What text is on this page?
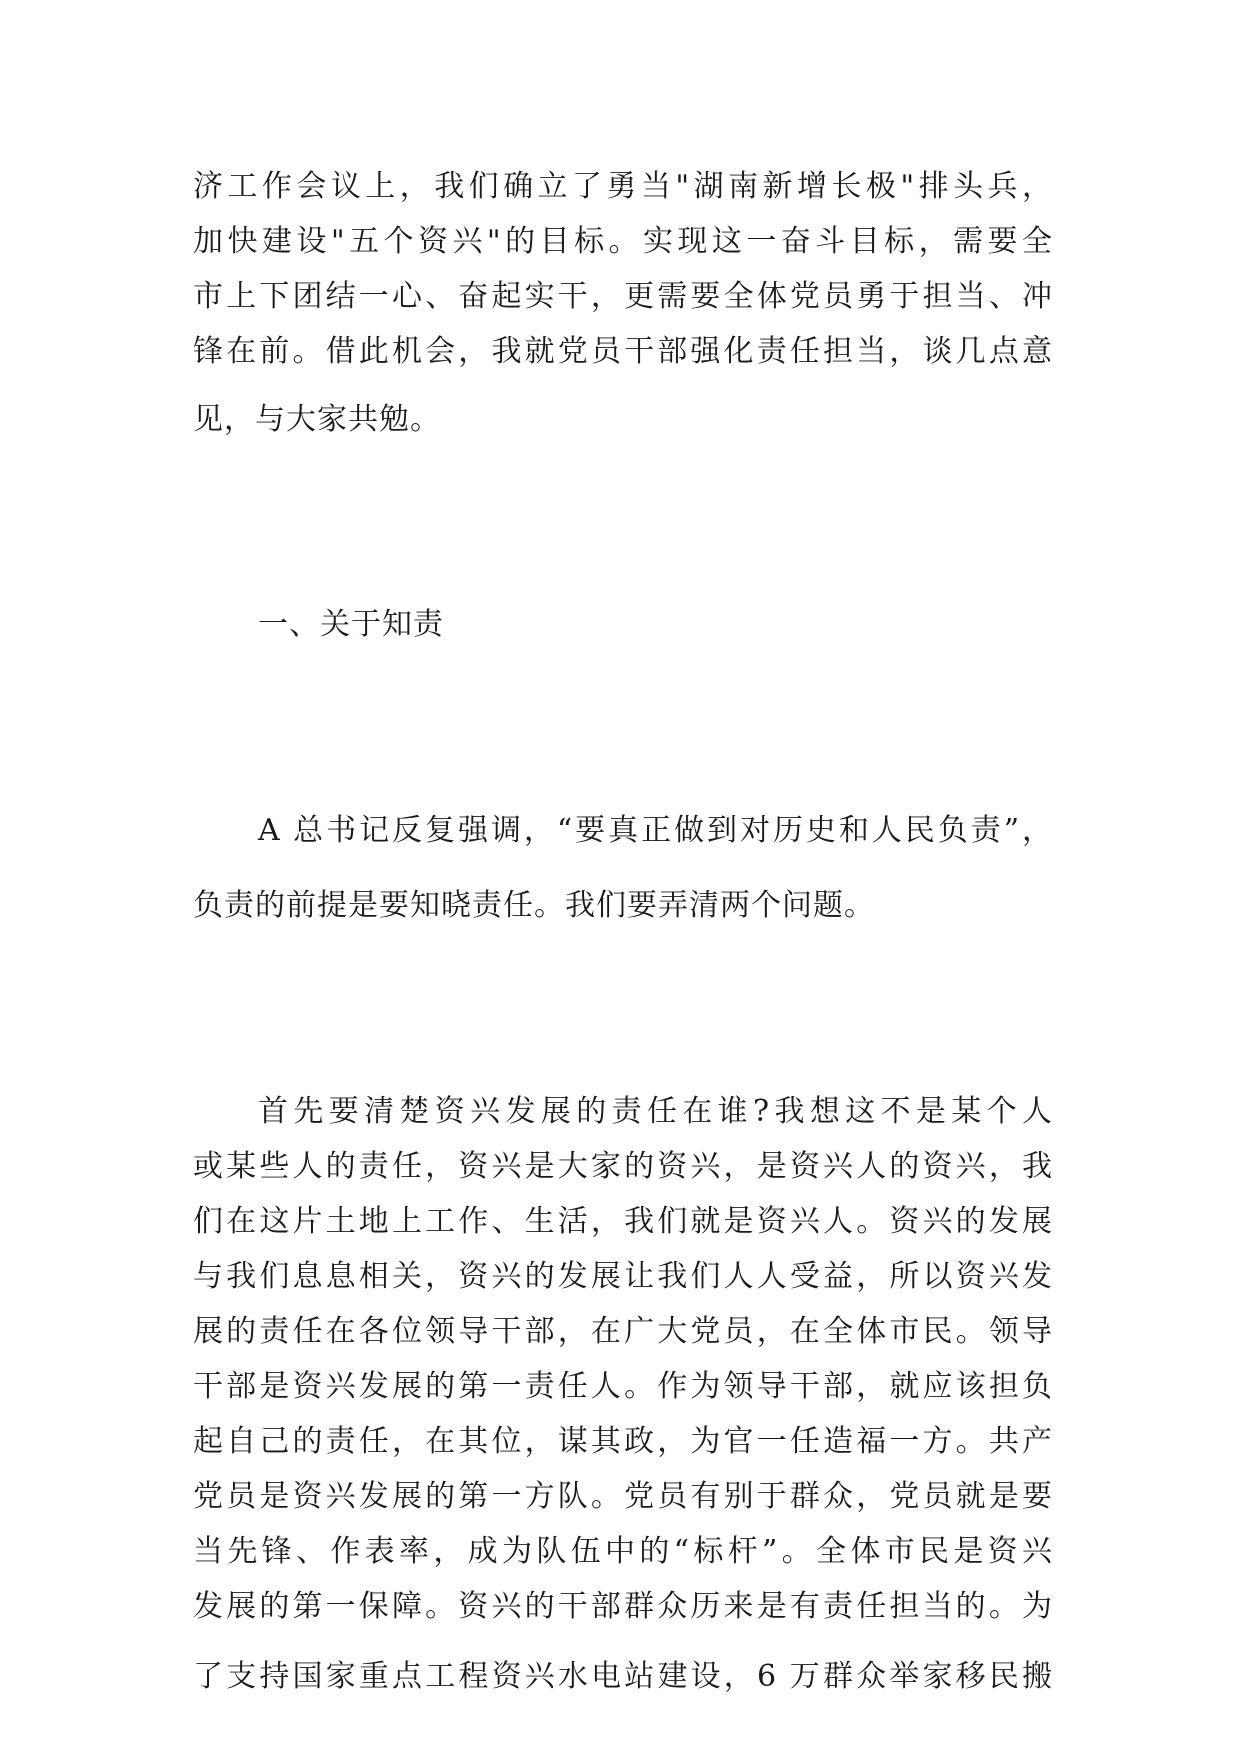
济工作会议上，我们确立了勇当"湖南新增长极"排头兵，
加快建设"五个资兴"的目标。实现这一奋斗目标，需要全
市上下团结一心、奋起实干，更需要全体党员勇于担当、冲
锋在前。借此机会，我就党员干部强化责任担当，谈几点意
见，与大家共勉。
一、关于知责
A 总书记反复强调，“要真正做到对历史和人民负责”，
负责的前提是要知晓责任。我们要弄清两个问题。
首先要清楚资兴发展的责任在谁?我想这不是某个人
或某些人的责任，资兴是大家的资兴，是资兴人的资兴，我
们在这片土地上工作、生活，我们就是资兴人。资兴的发展
与我们息息相关，资兴的发展让我们人人受益，所以资兴发
展的责任在各位领导干部，在广大党员，在全体市民。领导
干部是资兴发展的第一责任人。作为领导干部，就应该担负
起自己的责任，在其位，谋其政，为官一任造福一方。共产
党员是资兴发展的第一方队。党员有别于群众，党员就是要
当先锋、作表率，成为队伍中的“标杆”。全体市民是资兴
发展的第一保障。资兴的干部群众历来是有责任担当的。为
了支持国家重点工程资兴水电站建设，6 万群众举家移民搬
